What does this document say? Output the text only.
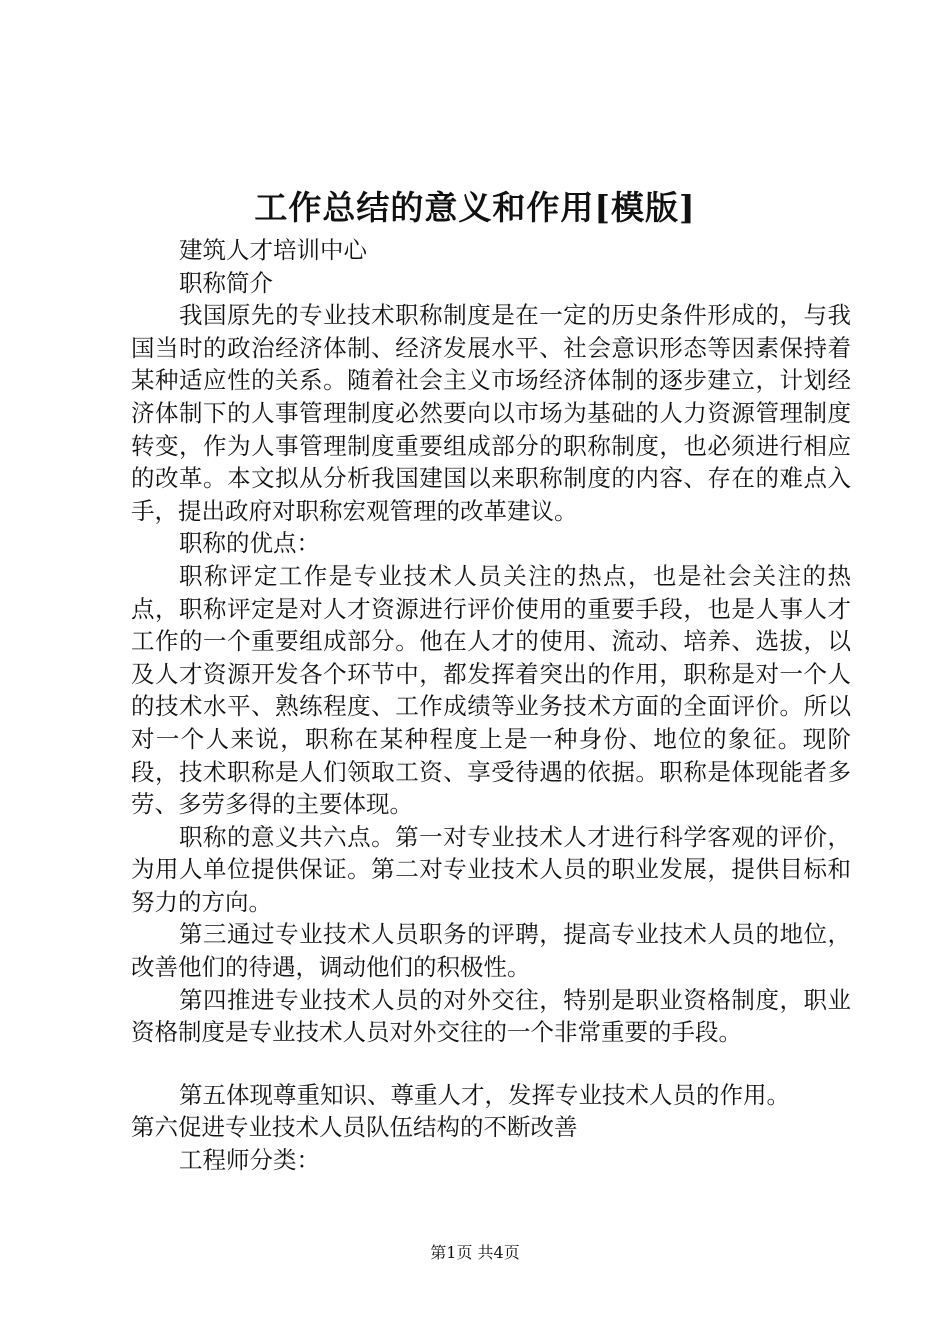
工作总结的意义和作用[模版]

建筑人才培训中心

职称简介

我国原先的专业技术职称制度是在一定的历史条件形成的，与我国当时的政治经济体制、经济发展水平、社会意识形态等因素保持着某种适应性的关系。随着社会主义市场经济体制的逐步建立，计划经济体制下的人事管理制度必然要向以市场为基础的人力资源管理制度转变，作为人事管理制度重要组成部分的职称制度，也必须进行相应的改革。本文拟从分析我国建国以来职称制度的内容、存在的难点入手，提出政府对职称宏观管理的改革建议。

职称的优点：

职称评定工作是专业技术人员关注的热点，也是社会关注的热点，职称评定是对人才资源进行评价使用的重要手段，也是人事人才工作的一个重要组成部分。他在人才的使用、流动、培养、选拔，以及人才资源开发各个环节中，都发挥着突出的作用，职称是对一个人的技术水平、熟练程度、工作成绩等业务技术方面的全面评价。所以对一个人来说，职称在某种程度上是一种身份、地位的象征。现阶段，技术职称是人们领取工资、享受待遇的依据。职称是体现能者多劳、多劳多得的主要体现。

职称的意义共六点。第一对专业技术人才进行科学客观的评价，为用人单位提供保证。第二对专业技术人员的职业发展，提供目标和努力的方向。

第三通过专业技术人员职务的评聘，提高专业技术人员的地位，改善他们的待遇，调动他们的积极性。

第四推进专业技术人员的对外交往，特别是职业资格制度，职业资格制度是专业技术人员对外交往的一个非常重要的手段。

第五体现尊重知识、尊重人才，发挥专业技术人员的作用。

第六促进专业技术人员队伍结构的不断改善

工程师分类：

第1页 共4页
